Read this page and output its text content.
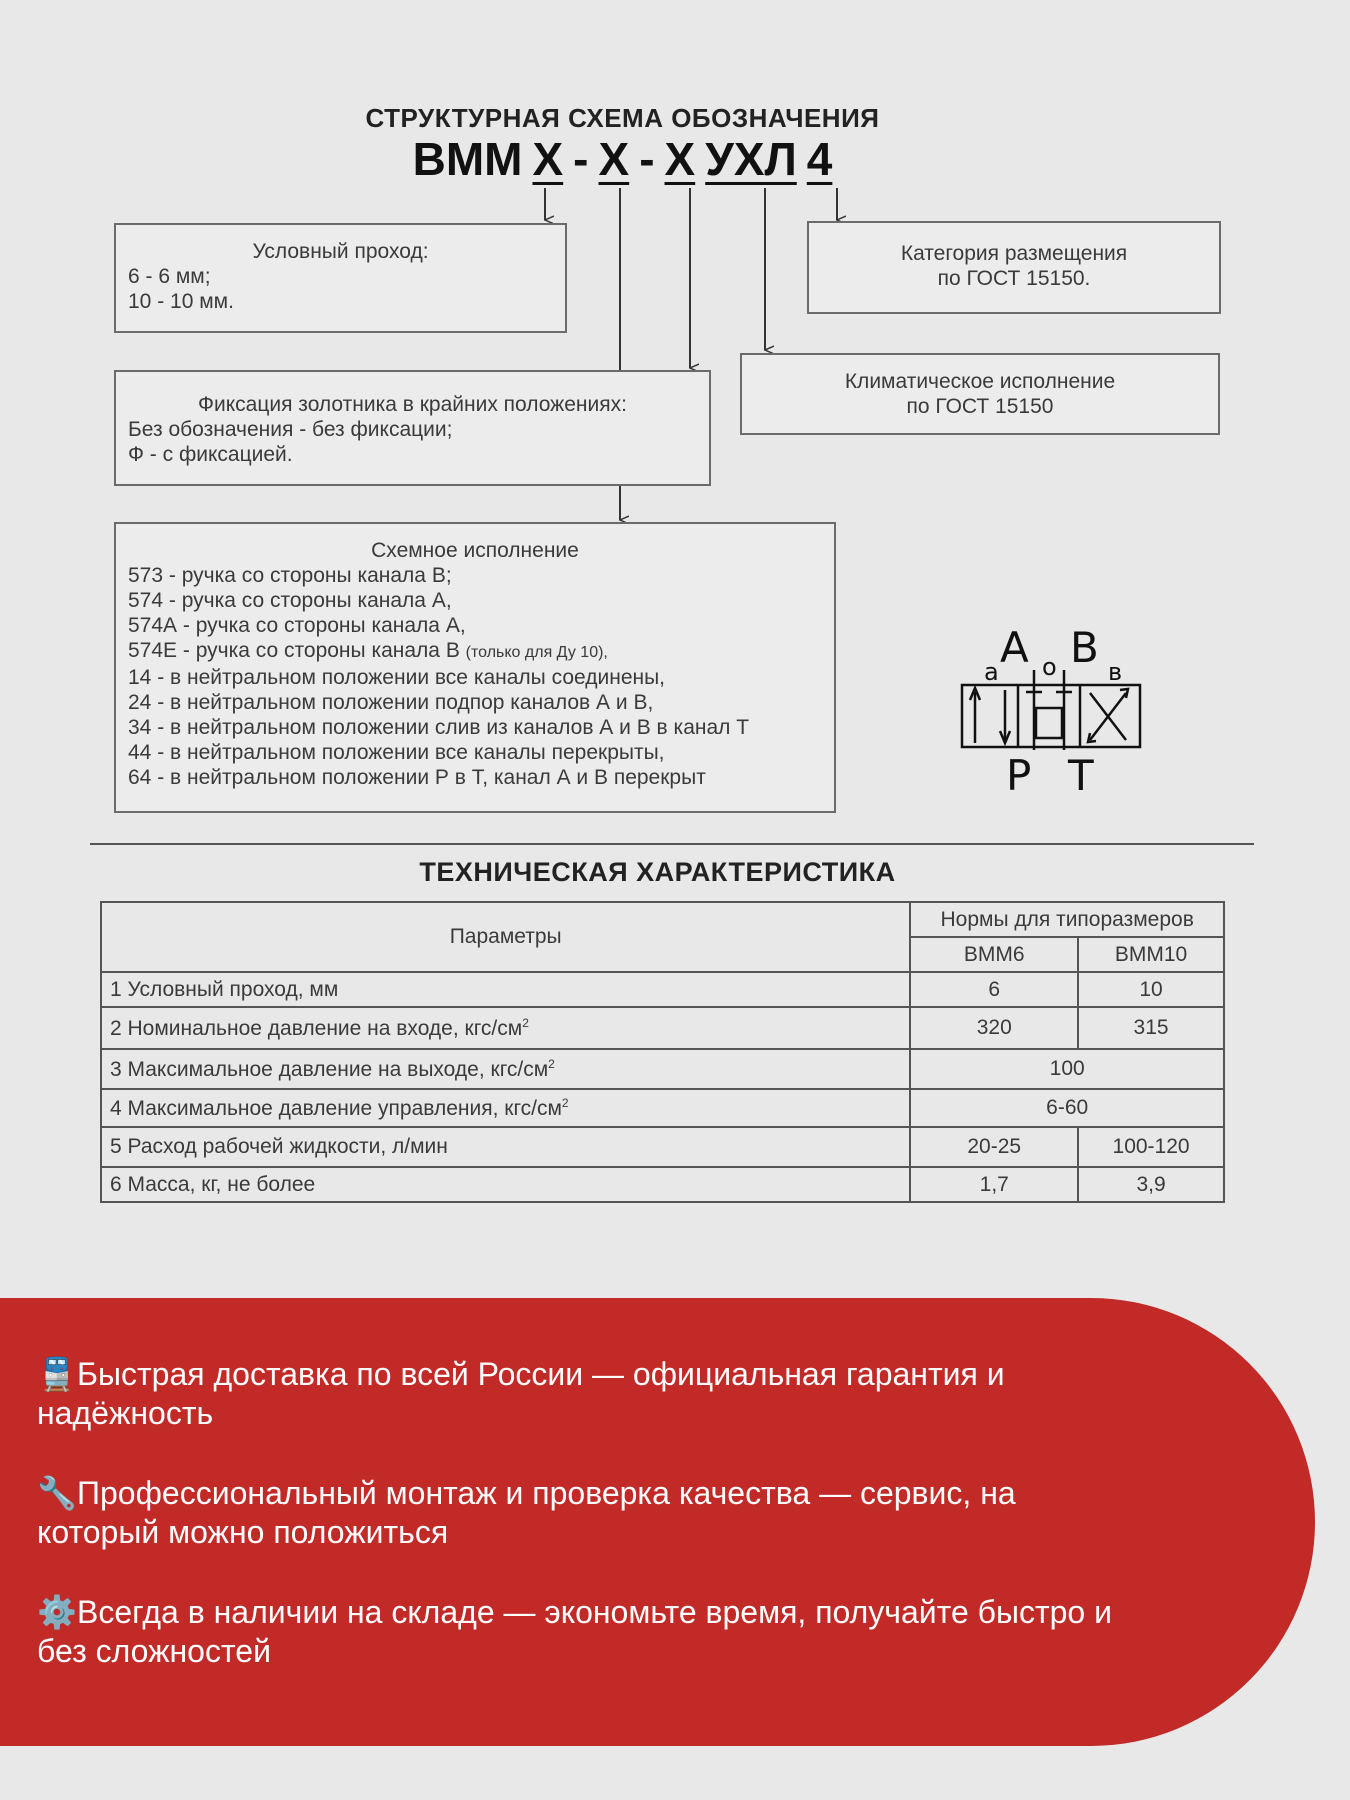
СТРУКТУРНАЯ СХЕМА ОБОЗНАЧЕНИЯ
ВММ X - X - X УХЛ 4
Условный проход:
6 - 6 мм;
10 - 10 мм.
Категория размещения
по ГОСТ 15150.
Фиксация золотника в крайних положениях:
Без обозначения - без фиксации;
Ф - с фиксацией.
Климатическое исполнение
по ГОСТ 15150
Схемное исполнение
573 - ручка со стороны канала В;
574 - ручка со стороны канала А,
574А - ручка со стороны канала А,
574Е - ручка со стороны канала В (только для Ду 10),
14 - в нейтральном положении все каналы соединены,
24 - в нейтральном положении подпор каналов А и В,
34 - в нейтральном положении слив из каналов А и В в канал Т
44 - в нейтральном положении все каналы перекрыты,
64 - в нейтральном положении Р в Т, канал А и В перекрыт
A B
a o в
P T
ТЕХНИЧЕСКАЯ ХАРАКТЕРИСТИКА
Параметры	Нормы для типоразмеров	
	ВММ6	ВММ10
1 Условный проход, мм	6	10
2 Номинальное давление на входе, кгс/$см^2$	320	315
3 Максимальное давление на выходе, кгс/$см^2$	100	
4 Максимальное давление управления, кгс/$см^2$	6-60	
5 Расход рабочей жидкости, л/мин	20-25	100-120
6 Масса, кг, не более	1,7	3,9
🚆Быстрая доставка по всей России — официальная гарантия и надёжность
🔧Профессиональный монтаж и проверка качества — сервис, на который можно положиться
⚙️Всегда в наличии на складе — экономьте время, получайте быстро и без сложностей
